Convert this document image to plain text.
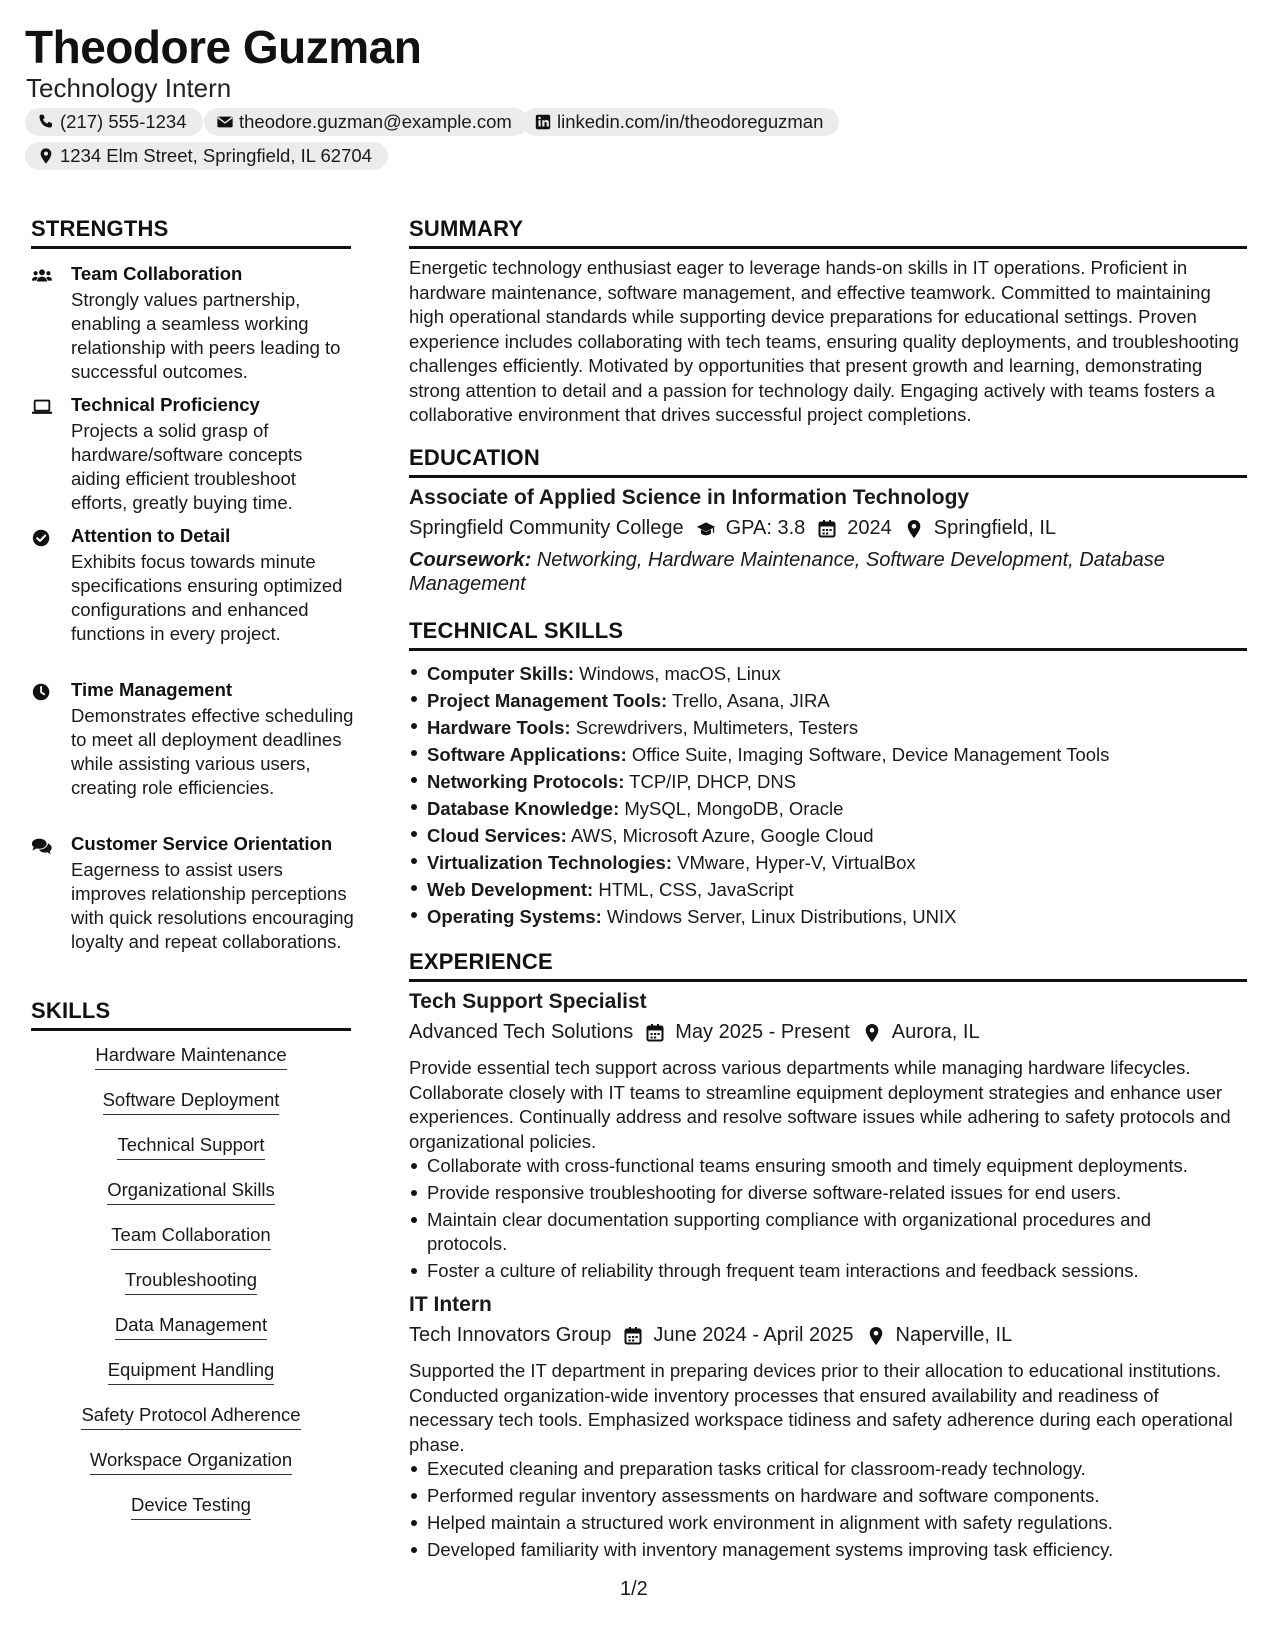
Theodore Guzman
Technology Intern
(217) 555-1234	theodore.guzman@example.com linkedin.com/in/theodoreguzman
1234 Elm Street, Springfield, IL 62704
STRENGTHS
Team Collaboration
Strongly values partnership, enabling a seamless working relationship with peers leading to successful outcomes.
Technical Proficiency
Projects a solid grasp of hardware/software concepts aiding efficient troubleshoot efforts, greatly buying time.
Attention to Detail
Exhibits focus towards minute specifications ensuring optimized configurations and enhanced functions in every project.
Time Management
Demonstrates effective scheduling to meet all deployment deadlines while assisting various users, creating role efficiencies.
Customer Service Orientation
Eagerness to assist users improves relationship perceptions with quick resolutions encouraging loyalty and repeat collaborations.
SKILLS
Hardware Maintenance
Software Deployment
Technical Support
Organizational Skills
Team Collaboration
Troubleshooting
Data Management
Equipment Handling
Safety Protocol Adherence
Workspace Organization
Device Testing
SUMMARY
Energetic technology enthusiast eager to leverage hands-on skills in IT operations. Proficient in hardware maintenance, software management, and effective teamwork. Committed to maintaining high operational standards while supporting device preparations for educational settings. Proven experience includes collaborating with tech teams, ensuring quality deployments, and troubleshooting challenges efficiently. Motivated by opportunities that present growth and learning, demonstrating strong attention to detail and a passion for technology daily. Engaging actively with teams fosters a collaborative environment that drives successful project completions.
EDUCATION
Associate of Applied Science in Information Technology
Springfield Community College GPA: 3.8 2024 Springfield, IL
Coursework: Networking, Hardware Maintenance, Software Development, Database Management
TECHNICAL SKILLS
Computer Skills: Windows, macOS, Linux
Project Management Tools: Trello, Asana, JIRA
Hardware Tools: Screwdrivers, Multimeters, Testers
Software Applications: Office Suite, Imaging Software, Device Management Tools
Networking Protocols: TCP/IP, DHCP, DNS
Database Knowledge: MySQL, MongoDB, Oracle
Cloud Services: AWS, Microsoft Azure, Google Cloud
Virtualization Technologies: VMware, Hyper-V, VirtualBox
Web Development: HTML, CSS, JavaScript
Operating Systems: Windows Server, Linux Distributions, UNIX
EXPERIENCE
Tech Support Specialist
Advanced Tech Solutions May 2025 - Present Aurora, IL
Provide essential tech support across various departments while managing hardware lifecycles. Collaborate closely with IT teams to streamline equipment deployment strategies and enhance user experiences. Continually address and resolve software issues while adhering to safety protocols and organizational policies.
Collaborate with cross-functional teams ensuring smooth and timely equipment deployments.
Provide responsive troubleshooting for diverse software-related issues for end users.
Maintain clear documentation supporting compliance with organizational procedures and protocols.
Foster a culture of reliability through frequent team interactions and feedback sessions.
IT Intern
Tech Innovators Group June 2024 - April 2025 Naperville, IL
Supported the IT department in preparing devices prior to their allocation to educational institutions. Conducted organization-wide inventory processes that ensured availability and readiness of necessary tech tools. Emphasized workspace tidiness and safety adherence during each operational phase.
Executed cleaning and preparation tasks critical for classroom-ready technology.
Performed regular inventory assessments on hardware and software components.
Helped maintain a structured work environment in alignment with safety regulations.
Developed familiarity with inventory management systems improving task efficiency.
1/2
